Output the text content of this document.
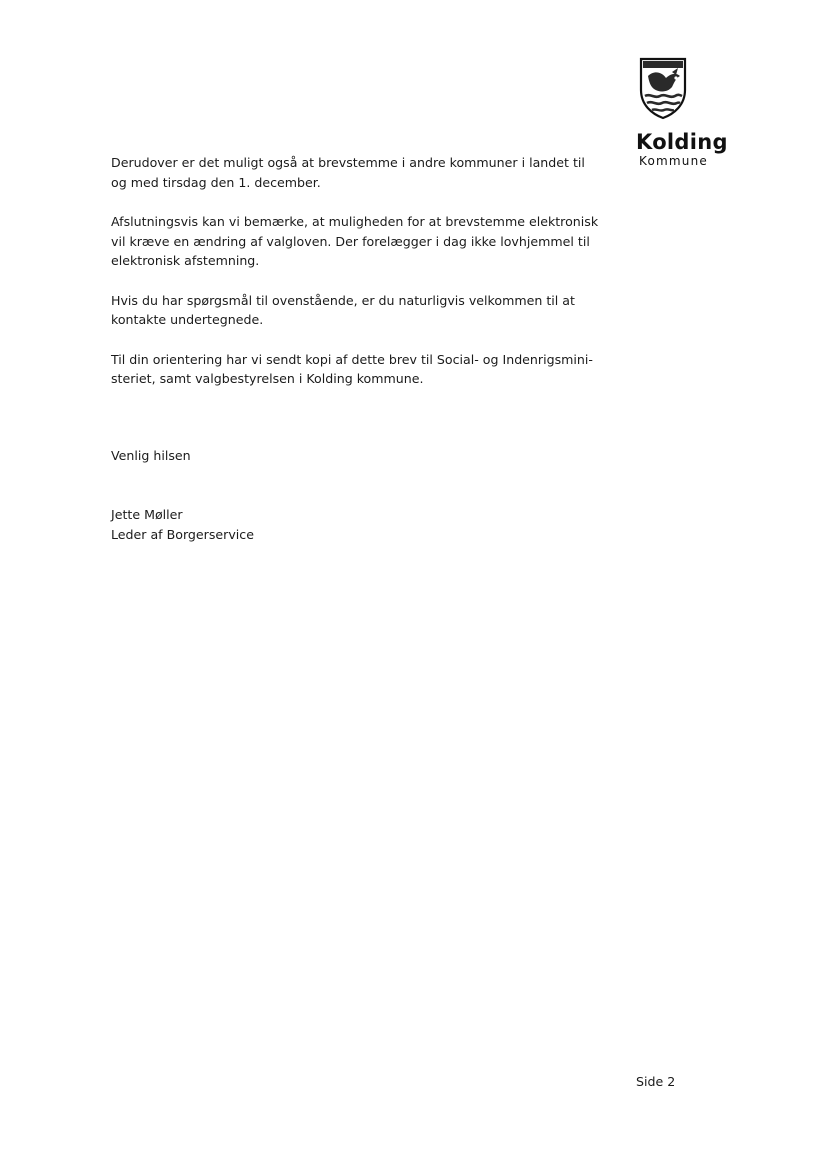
Kolding
Kommune

Derudover er det muligt også at brevstemme i andre kommuner i landet til
og med tirsdag den 1. december.

Afslutningsvis kan vi bemærke, at muligheden for at brevstemme elektronisk
vil kræve en ændring af valgloven. Der forelægger i dag ikke lovhjemmel til
elektronisk afstemning.

Hvis du har spørgsmål til ovenstående, er du naturligvis velkommen til at
kontakte undertegnede.

Til din orientering har vi sendt kopi af dette brev til Social- og Indenrigsmini-
steriet, samt valgbestyrelsen i Kolding kommune.

Venlig hilsen

Jette Møller
Leder af Borgerservice
Side 2
